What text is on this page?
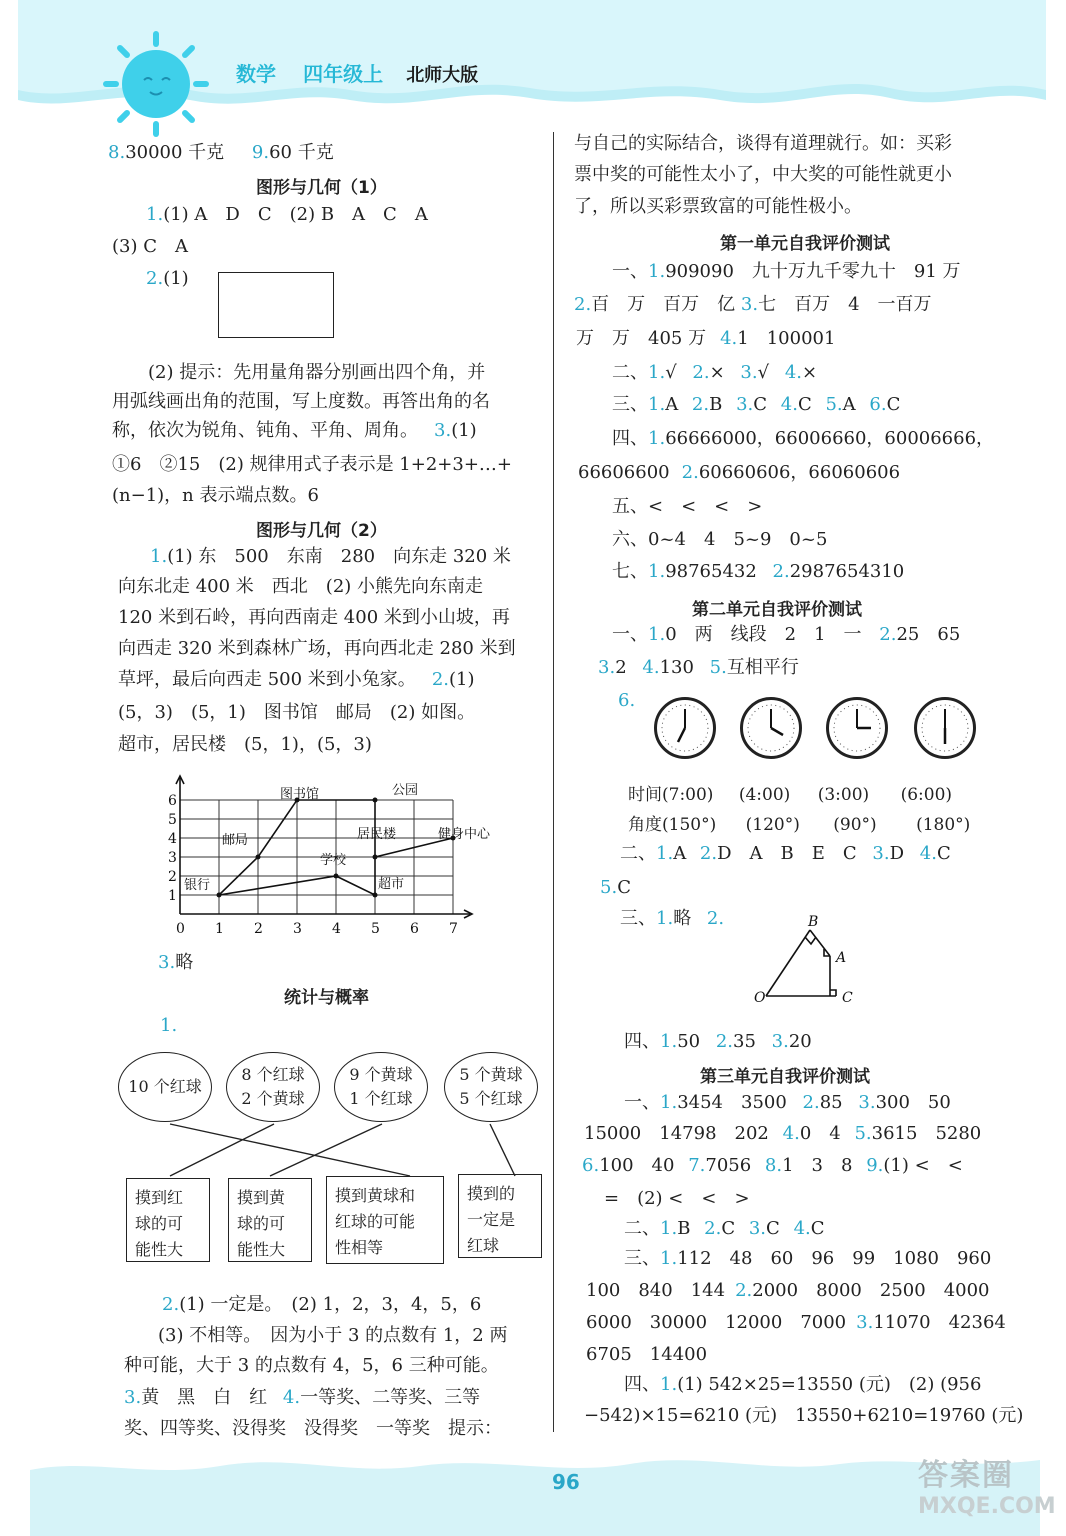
数学 四年级上 北师大版
8.30000 千克 9.60 千克
图形与几何（1）
1.(1) A　D　C　(2) B　A　C　A
(3) C　A
2.(1)
(2) 提示：先用量角器分别画出四个角，并
用弧线画出角的范围，写上度数。再答出角的名
称，依次为锐角、钝角、平角、周角。 3.(1)
①6　②15　(2) 规律用式子表示是 1+2+3+…+
(n−1)，n 表示端点数。6
图形与几何（2）
1.(1) 东　500　东南　280　向东走 320 米
向东北走 400 米　西北　(2) 小熊先向东南走
120 米到石岭，再向西南走 400 米到小山坡，再
向西走 320 米到森林广场，再向西北走 280 米到
草坪，最后向西走 500 米到小兔家。 2.(1)
(5，3)　(5，1)　图书馆　邮局　(2) 如图。
超市，居民楼　(5，1)，(5，3)
0 1 2 3 4 5 6 7
1
2
3
4
5
6
银行
邮局
图书馆	公园
学校
居民楼
超市
健身中心
3.略
统计与概率
1.
10 个红球
8 个红球
2 个黄球
9 个黄球
1 个红球
5 个黄球
5 个红球
摸到红
球的可
能性大
摸到黄
球的可
能性大
摸到黄球和
红球的可能
性相等
摸到的
一定是
红球
2.(1) 一定是。　(2) 1，2，3，4，5，6
(3) 不相等。　因为小于 3 的点数有 1，2 两
种可能，大于 3 的点数有 4，5，6 三种可能。
3.黄　黑　白　红 4.一等奖、二等奖、三等
奖、四等奖、没得奖　没得奖　一等奖　提示：
与自己的实际结合，谈得有道理就行。如：买彩
票中奖的可能性太小了，中大奖的可能性就更小
了，所以买彩票致富的可能性极小。
第一单元自我评价测试
一、1.909090　九十万九千零九十　91 万
2.百　万　百万　亿 3.七　百万　4　一百万
万　万　405 万 4.1　100001
二、1.√ 2.× 3.√ 4.×
三、1.A 2.B 3.C 4.C 5.A 6.C
四、1.66666000，66006660，60006666，
66606600 2.60660606，66060606
五、<　<　<　>
六、0~4　4　5~9　0~5
七、1.98765432 2.2987654310
第二单元自我评价测试
一、1.0　两　线段　2　1　一 2.25　65
3.2 4.130 5.互相平行
6.
时间(7:00) (4:00) (3:00) (6:00)
角度(150°) (120°) (90°) (180°)
二、1.A 2.D　A　B　E　C 3.D 4.C
5.C
三、1.略 2.	B
A
O	C
四、1.50 2.35 3.20
第三单元自我评价测试
一、1.3454　3500 2.85 3.300　50
15000　14798　202 4.0　4 5.3615　5280
6.100　40 7.7056 8.1　3　8 9.(1) <　<
=　(2) <　<　>
二、1.B 2.C 3.C 4.C
三、1.112　48　60　96　99　1080　960
100　840　144 2.2000　8000　2500　4000
6000　30000　12000　7000 3.11070　42364
6705　14400
四、1.(1) 542×25=13550 (元)　(2) (956
−542)×15=6210 (元)　13550+6210=19760 (元)
96	答案圈
MXQE.COM
